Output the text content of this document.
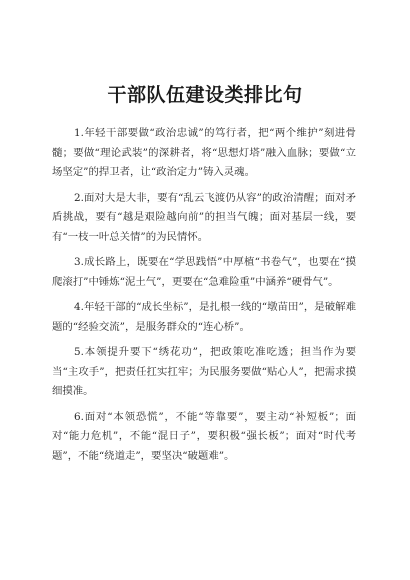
干部队伍建设类排比句

1.年轻干部要做“政治忠诚”的笃行者，把“两个维护”刻进骨髓；要做“理论武装”的深耕者，将“思想灯塔”融入血脉；要做“立场坚定”的捍卫者，让“政治定力”铸入灵魂。

2.面对大是大非，要有“乱云飞渡仍从容”的政治清醒；面对矛盾挑战，要有“越是艰险越向前”的担当气魄；面对基层一线，要有“一枝一叶总关情”的为民情怀。

3.成长路上，既要在“学思践悟”中厚植“书卷气”，也要在“摸爬滚打”中锤炼“泥土气”，更要在“急难险重”中涵养“硬骨气”。

4.年轻干部的“成长坐标”，是扎根一线的“墩苗田”，是破解难题的“经验交流”，是服务群众的“连心桥”。

5.本领提升要下“绣花功”，把政策吃准吃透；担当作为要当“主攻手”，把责任扛实扛牢；为民服务要做“贴心人”，把需求摸细摸准。

6.面对“本领恐慌”，不能“等靠要”，要主动“补短板”；面对“能力危机”，不能“混日子”，要积极“强长板”；面对“时代考题”，不能“绕道走”，要坚决“破题难”。
